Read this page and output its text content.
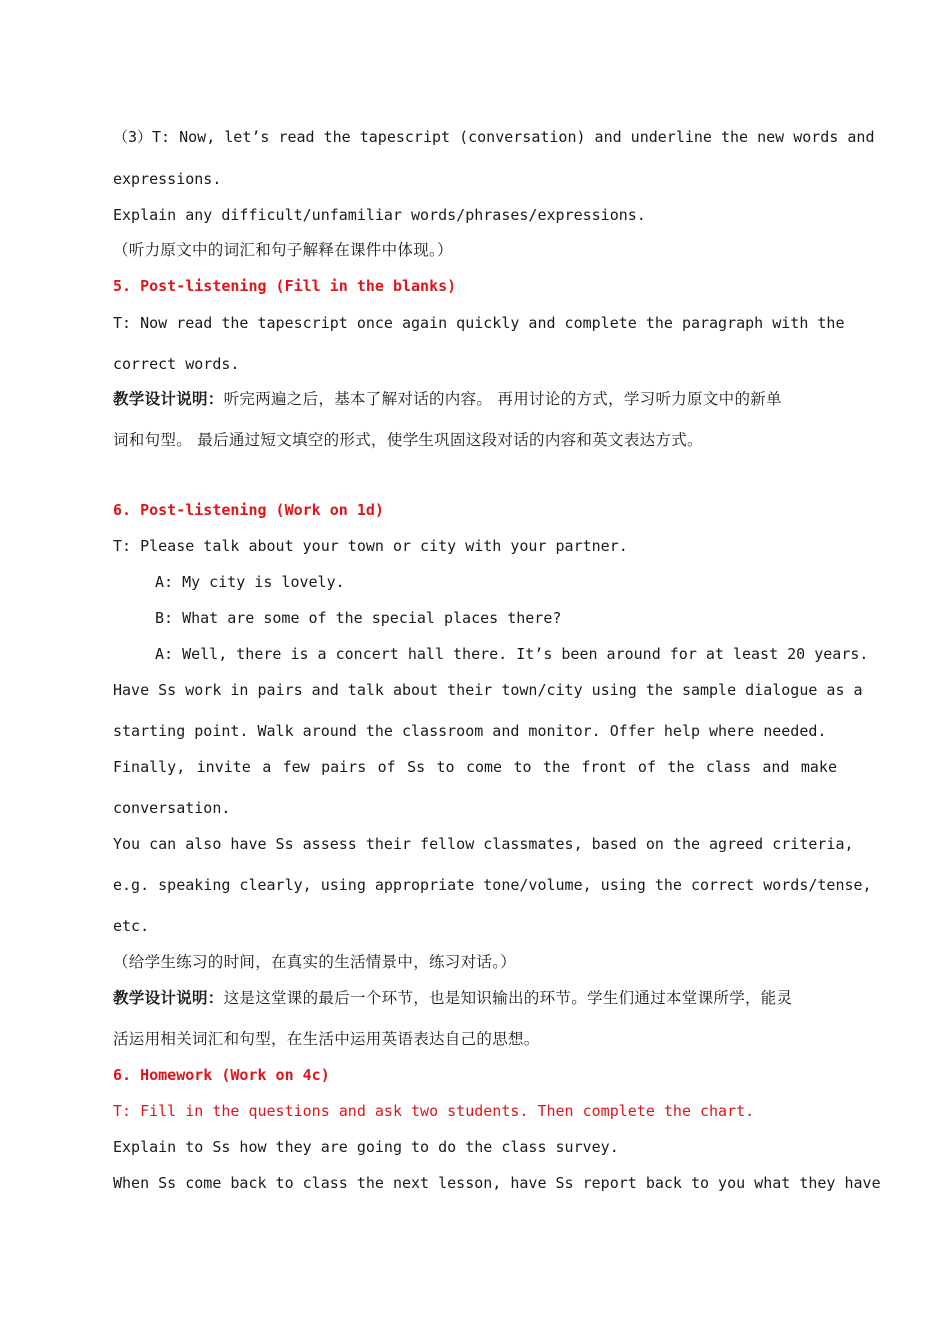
（3）T: Now, let’s read the tapescript (conversation) and underline the new words and
expressions.
Explain any difficult/unfamiliar words/phrases/expressions.
（听力原文中的词汇和句子解释在课件中体现。）
5. Post-listening (Fill in the blanks)
T: Now read the tapescript once again quickly and complete the paragraph with the
correct words.
教学设计说明：听完两遍之后，基本了解对话的内容。 再用讨论的方式，学习听力原文中的新单
词和句型。 最后通过短文填空的形式，使学生巩固这段对话的内容和英文表达方式。
6. Post-listening (Work on 1d)
T: Please talk about your town or city with your partner.
A: My city is lovely.
B: What are some of the special places there?
A: Well, there is a concert hall there. It’s been around for at least 20 years.
Have Ss work in pairs and talk about their town/city using the sample dialogue as a
starting point. Walk around the classroom and monitor. Offer help where needed.
Finally, invite a few pairs of Ss to come to the front of the class and make
conversation.
You can also have Ss assess their fellow classmates, based on the agreed criteria,
e.g. speaking clearly, using appropriate tone/volume, using the correct words/tense,
etc.
（给学生练习的时间，在真实的生活情景中，练习对话。）
教学设计说明：这是这堂课的最后一个环节，也是知识输出的环节。学生们通过本堂课所学，能灵
活运用相关词汇和句型，在生活中运用英语表达自己的思想。
6. Homework (Work on 4c)
T: Fill in the questions and ask two students. Then complete the chart.
Explain to Ss how they are going to do the class survey.
When Ss come back to class the next lesson, have Ss report back to you what they have
